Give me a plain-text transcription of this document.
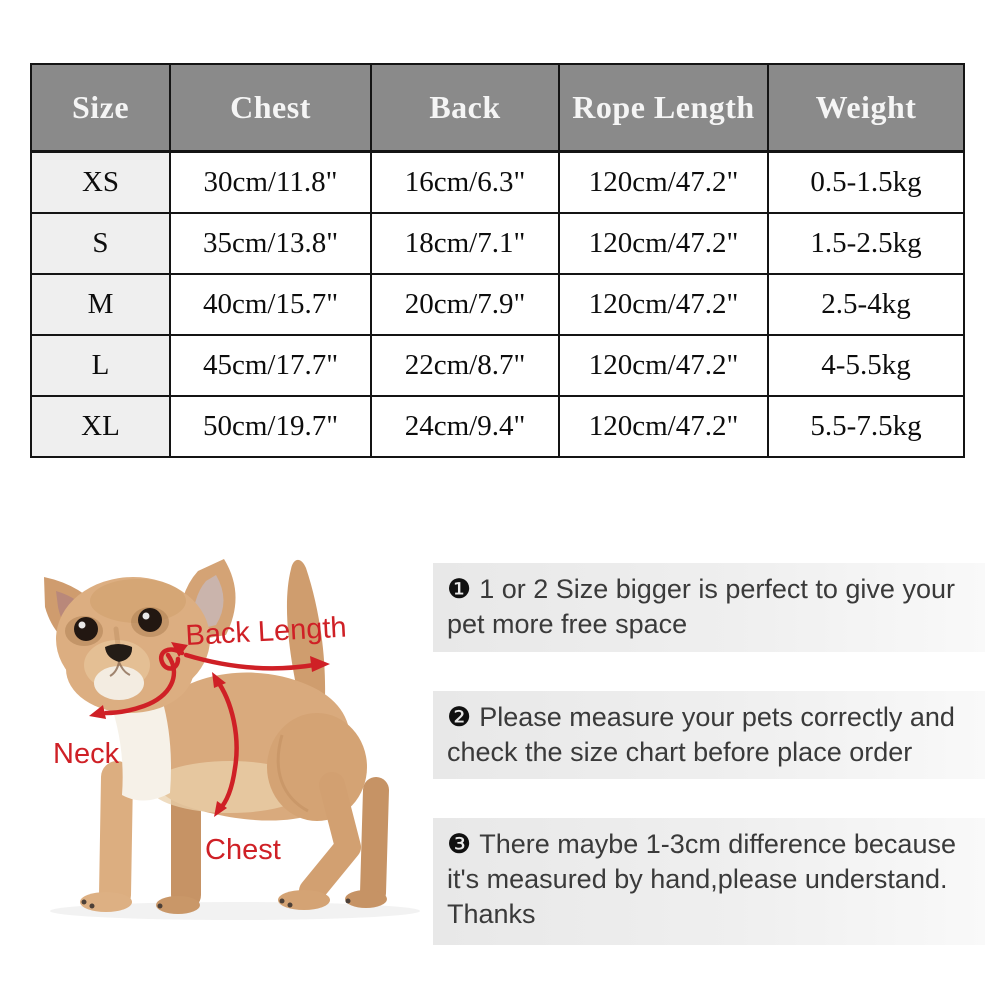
Size	Chest	Back	Rope Length	Weight
XS	30cm/11.8"	16cm/6.3"	120cm/47.2"	0.5-1.5kg
S	35cm/13.8"	18cm/7.1"	120cm/47.2"	1.5-2.5kg
M	40cm/15.7"	20cm/7.9"	120cm/47.2"	2.5-4kg
L	45cm/17.7"	22cm/8.7"	120cm/47.2"	4-5.5kg
XL	50cm/19.7"	24cm/9.4"	120cm/47.2"	5.5-7.5kg
Back Length
Neck
Chest
❶ 1 or 2 Size bigger is perfect to give your
pet more free space
❷ Please measure your pets correctly and
check the size chart before place order
❸ There maybe 1-3cm difference because
it's measured by hand,please understand.
Thanks
